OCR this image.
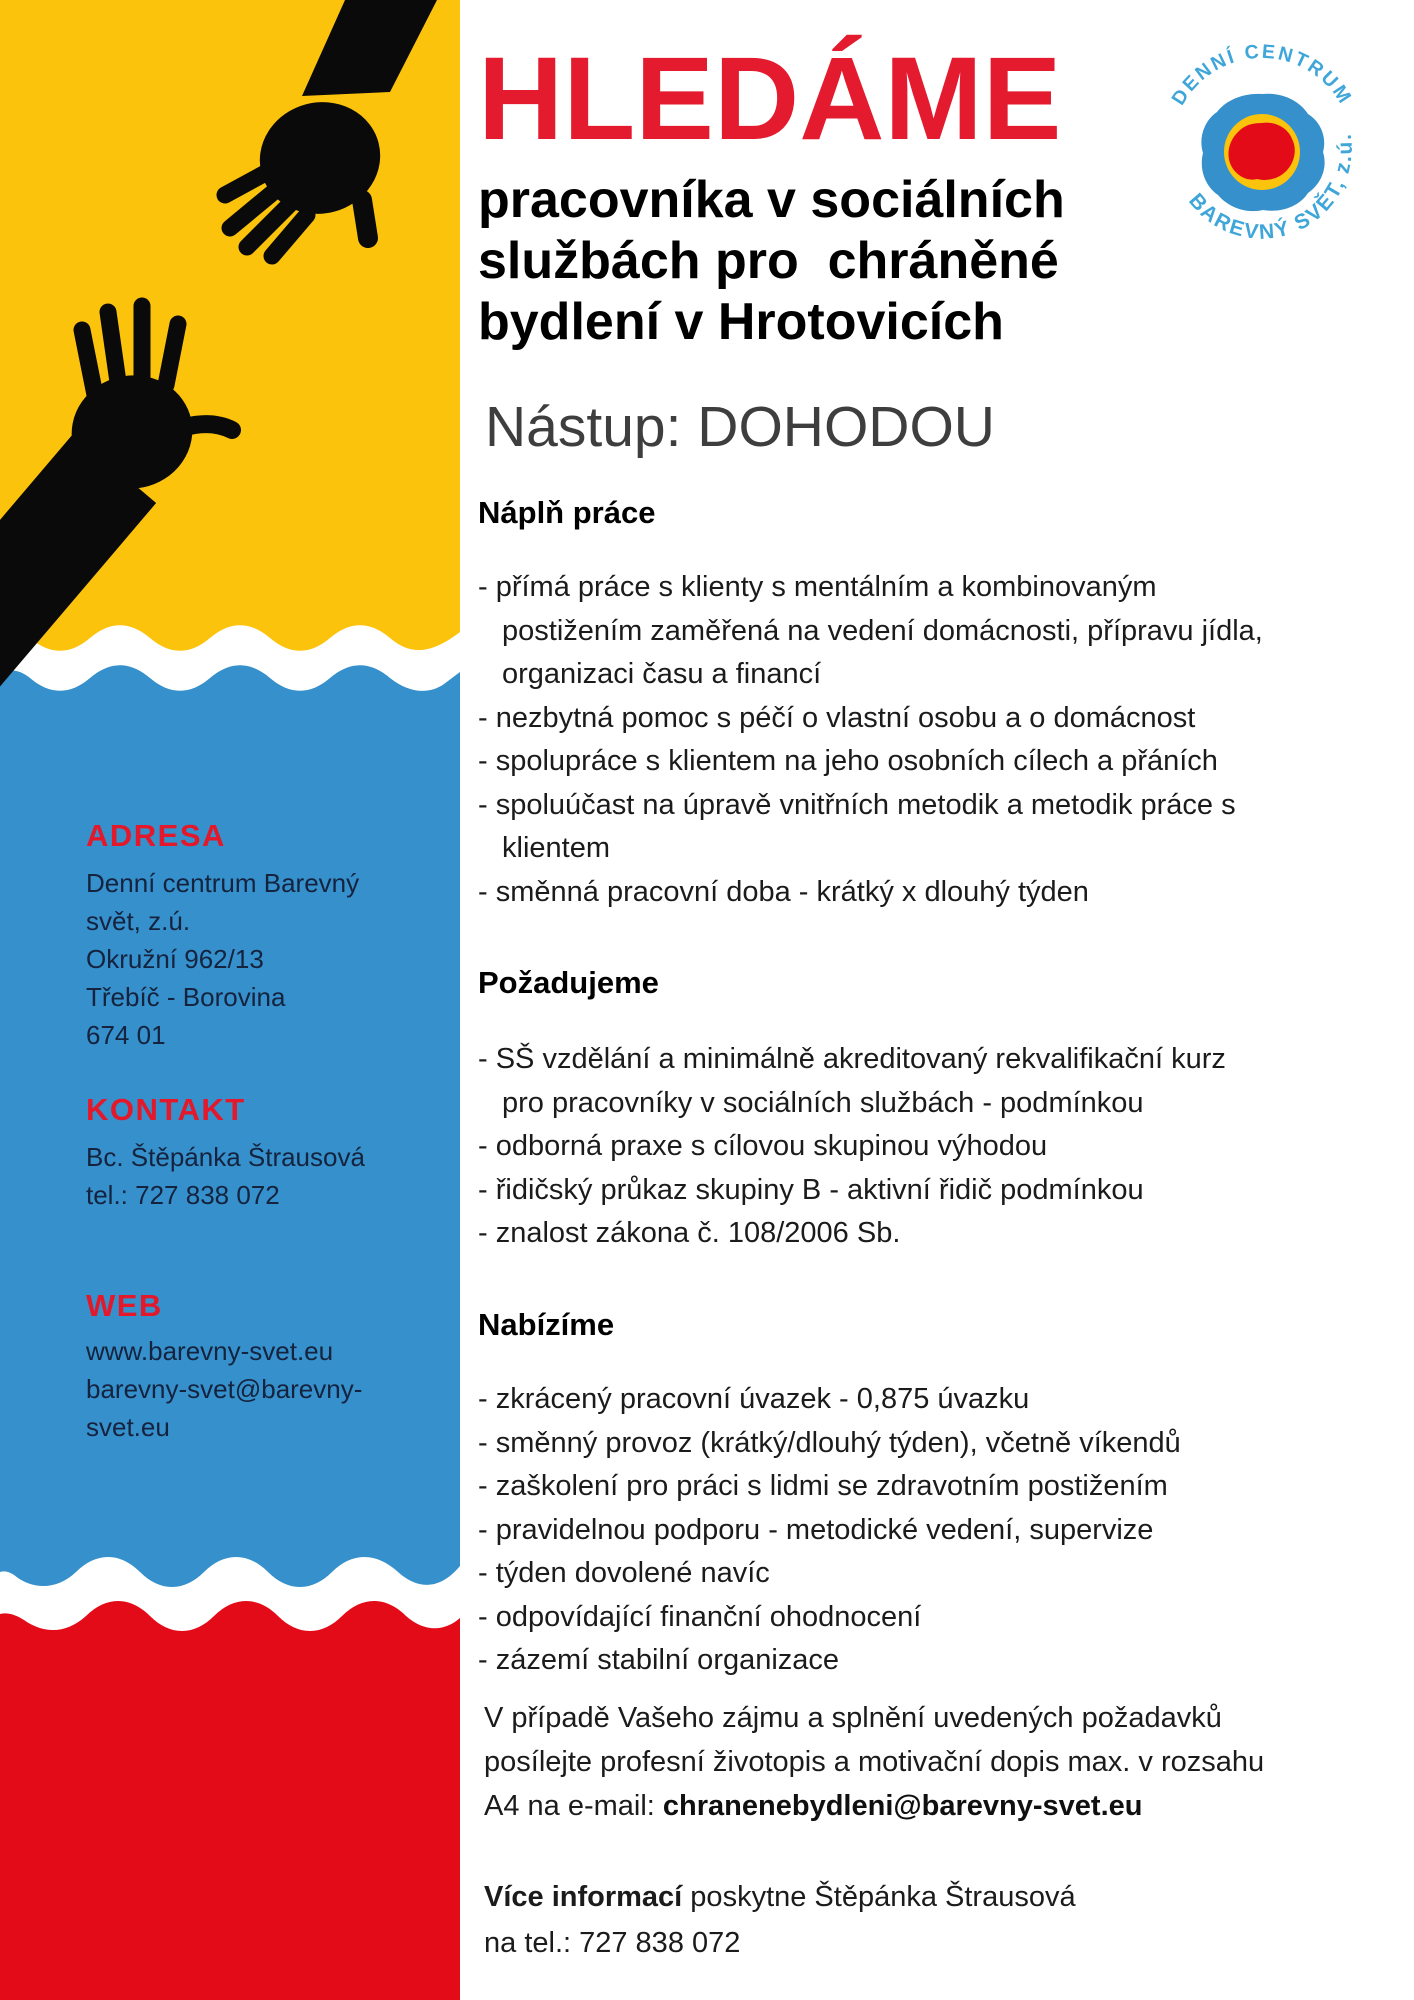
ADRESA
Denní centrum Barevný
svět, z.ú.
Okružní 962/13
Třebíč - Borovina
674 01
KONTAKT
Bc. Štěpánka Štrausová
tel.: 727 838 072
WEB
www.barevny-svet.eu
barevny-svet@barevny-
svet.eu
DENNÍ CENTRUM
BAREVNÝ SVĚT, z.ú.
HLEDÁME
pracovníka v sociálních
službách pro  chráněné
bydlení v Hrotovicích
Nástup: DOHODOU
Náplň práce
- přímá práce s klienty s mentálním a kombinovaným postižením zaměřená na vedení domácnosti, přípravu jídla, organizaci času a financí
- nezbytná pomoc s péčí o vlastní osobu a o domácnost
- spolupráce s klientem na jeho osobních cílech a přáních
- spoluúčast na úpravě vnitřních metodik a metodik práce s klientem
- směnná pracovní doba - krátký x dlouhý týden
Požadujeme
- SŠ vzdělání a minimálně akreditovaný rekvalifikační kurz pro pracovníky v sociálních službách - podmínkou
- odborná praxe s cílovou skupinou výhodou
- řidičský průkaz skupiny B - aktivní řidič podmínkou
- znalost zákona č. 108/2006 Sb.
Nabízíme
- zkrácený pracovní úvazek - 0,875 úvazku
- směnný provoz (krátký/dlouhý týden), včetně víkendů
- zaškolení pro práci s lidmi se zdravotním postižením
- pravidelnou podporu - metodické vedení, supervize
- týden dovolené navíc
- odpovídající finanční ohodnocení
- zázemí stabilní organizace
V případě Vašeho zájmu a splnění uvedených požadavků posílejte profesní životopis a motivační dopis max. v rozsahu A4 na e-mail: chranenebydleni@barevny-svet.eu
Více informací poskytne Štěpánka Štrausová
na tel.: 727 838 072
